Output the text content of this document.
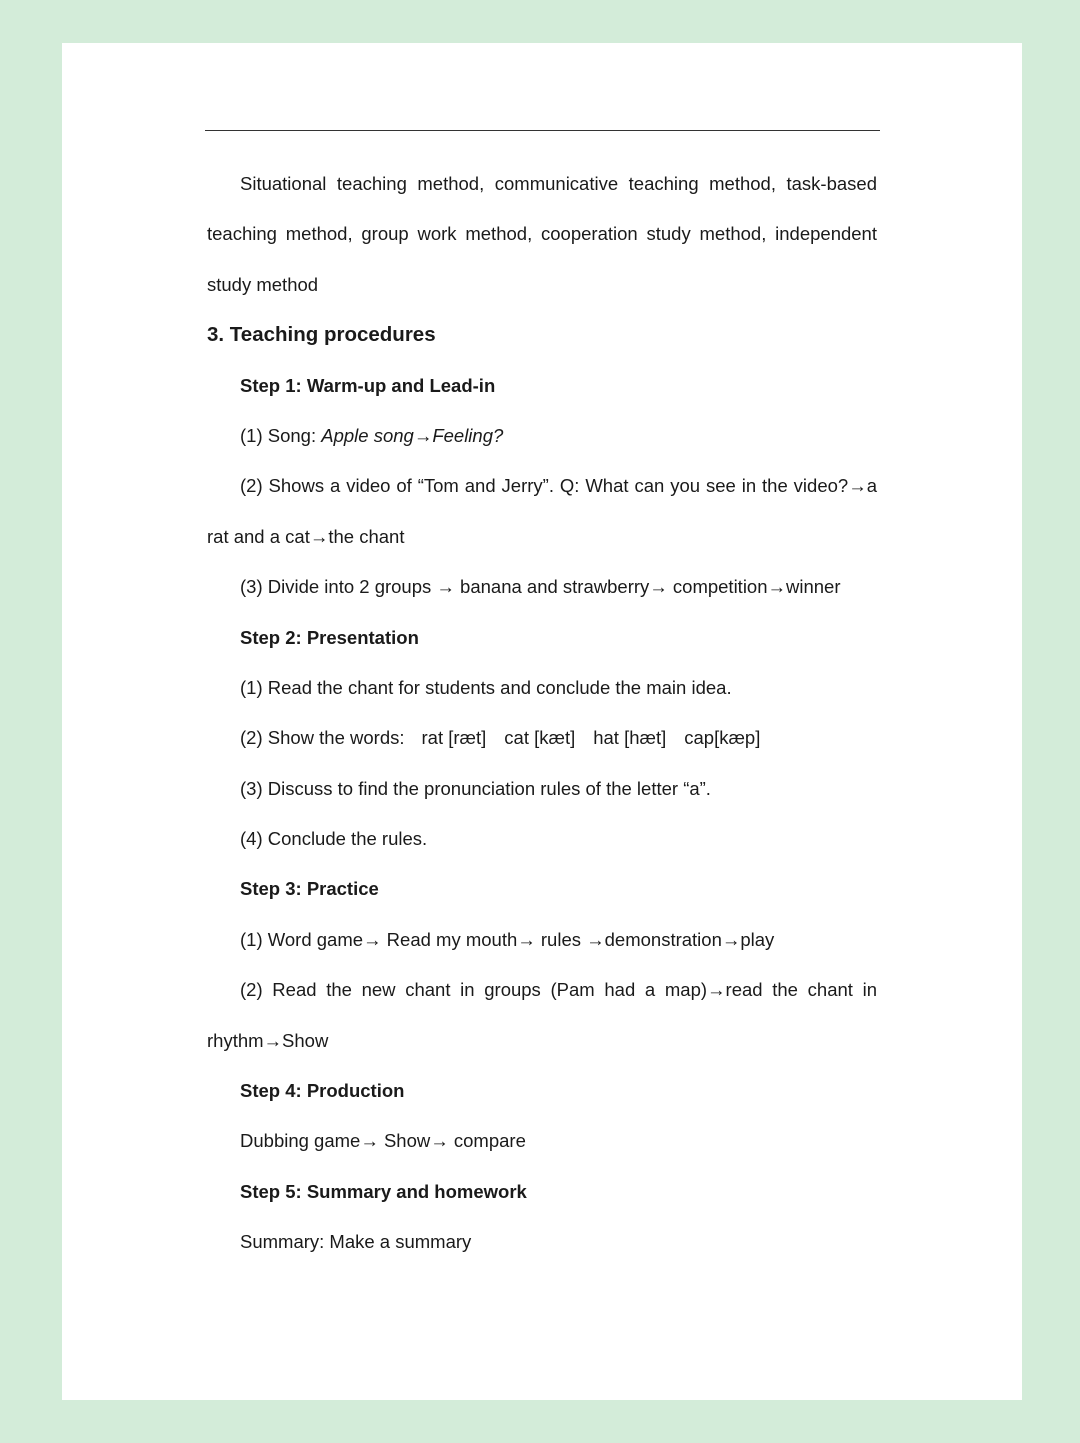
Situational teaching method, communicative teaching method, task-based
teaching method, group work method, cooperation study method, independent
study method
3. Teaching procedures
Step 1: Warm-up and Lead-in
(1) Song: Apple song→Feeling?
(2) Shows a video of “Tom and Jerry”. Q: What can you see in the video?→a
rat and a cat→the chant
(3) Divide into 2 groups → banana and strawberry→ competition→winner
Step 2: Presentation
(1) Read the chant for students and conclude the main idea.
(2) Show the words: rat [ræt] cat [kæt] hat [hæt] cap[kæp]
(3) Discuss to find the pronunciation rules of the letter “a”.
(4) Conclude the rules.
Step 3: Practice
(1) Word game→ Read my mouth→ rules →demonstration→play
(2) Read the new chant in groups (Pam had a map)→read the chant in
rhythm→Show
Step 4: Production
Dubbing game→ Show→ compare
Step 5: Summary and homework
Summary: Make a summary
